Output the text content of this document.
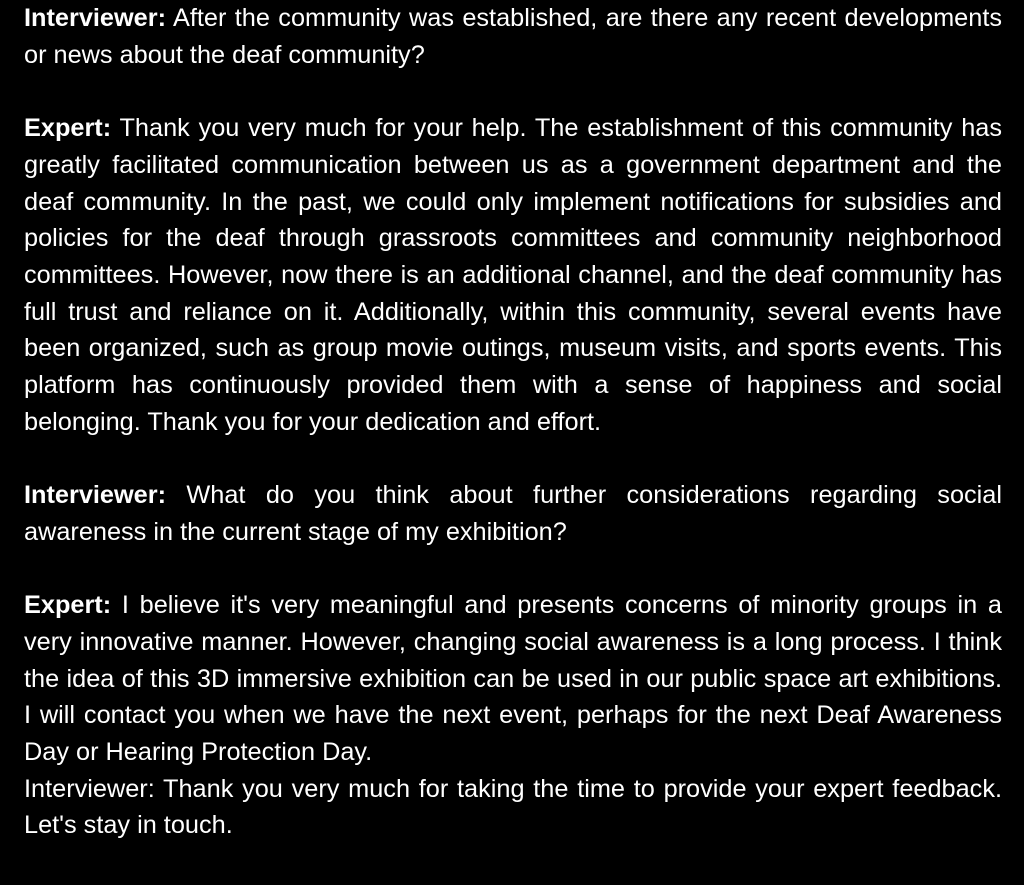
Interviewer: After the community was established, are there any recent developments or news about the deaf community?

Expert: Thank you very much for your help. The establishment of this community has greatly facilitated communication between us as a government department and the deaf community. In the past, we could only implement notifications for subsidies and policies for the deaf through grassroots committees and community neighborhood committees. However, now there is an additional channel, and the deaf community has full trust and reliance on it. Additionally, within this community, several events have been organized, such as group movie outings, museum visits, and sports events. This platform has continuously provided them with a sense of happiness and social belonging. Thank you for your dedication and effort.

Interviewer: What do you think about further considerations regarding social awareness in the current stage of my exhibition?

Expert: I believe it's very meaningful and presents concerns of minority groups in a very innovative manner. However, changing social awareness is a long process. I think the idea of this 3D immersive exhibition can be used in our public space art exhibitions. I will contact you when we have the next event, perhaps for the next Deaf Awareness Day or Hearing Protection Day.

Interviewer: Thank you very much for taking the time to provide your expert feedback. Let's stay in touch.
